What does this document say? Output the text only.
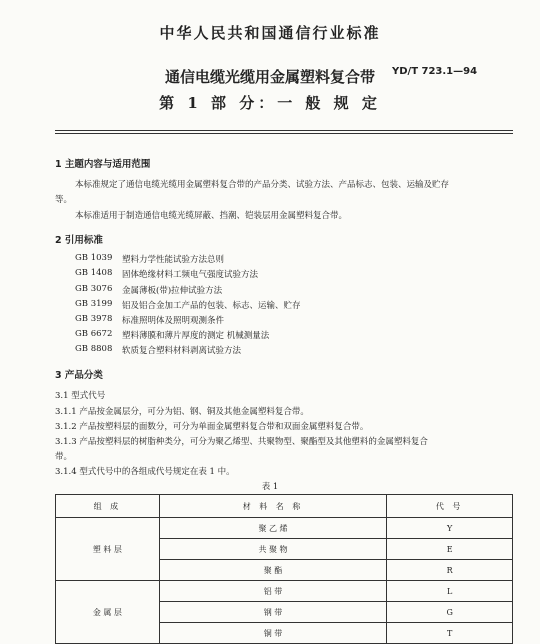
中华人民共和国通信行业标准
通信电缆光缆用金属塑料复合带
第 1 部 分：一 般 规 定
YD/T 723.1—94
1 主题内容与适用范围
本标准规定了通信电缆光缆用金属塑料复合带的产品分类、试验方法、产品标志、包装、运输及贮存
等。
本标准适用于制造通信电缆光缆屏蔽、挡潮、铠装层用金属塑料复合带。
2 引用标准
GB 1039 塑料力学性能试验方法总则
GB 1408 固体绝缘材料工频电气强度试验方法
GB 3076 金属薄板(带)拉伸试验方法
GB 3199 铝及铝合金加工产品的包装、标志、运输、贮存
GB 3978 标准照明体及照明观测条件
GB 6672 塑料薄膜和薄片厚度的测定 机械测量法
GB 8808 软质复合塑料材料剥离试验方法
3 产品分类
3.1 型式代号
3.1.1 产品按金属层分，可分为铝、钢、铜及其他金属塑料复合带。
3.1.2 产品按塑料层的面数分，可分为单面金属塑料复合带和双面金属塑料复合带。
3.1.3 产品按塑料层的树脂种类分，可分为聚乙烯型、共聚物型、聚酯型及其他塑料的金属塑料复合
带。
3.1.4 型式代号中的各组成代号规定在表 1 中。
表 1
组 成	材 料 名 称	代 号
塑 料 层	聚 乙 烯	Y
	共 聚 物	E
	聚 酯	R
金 属 层	铝 带	L
	钢 带	G
	铜 带	T
